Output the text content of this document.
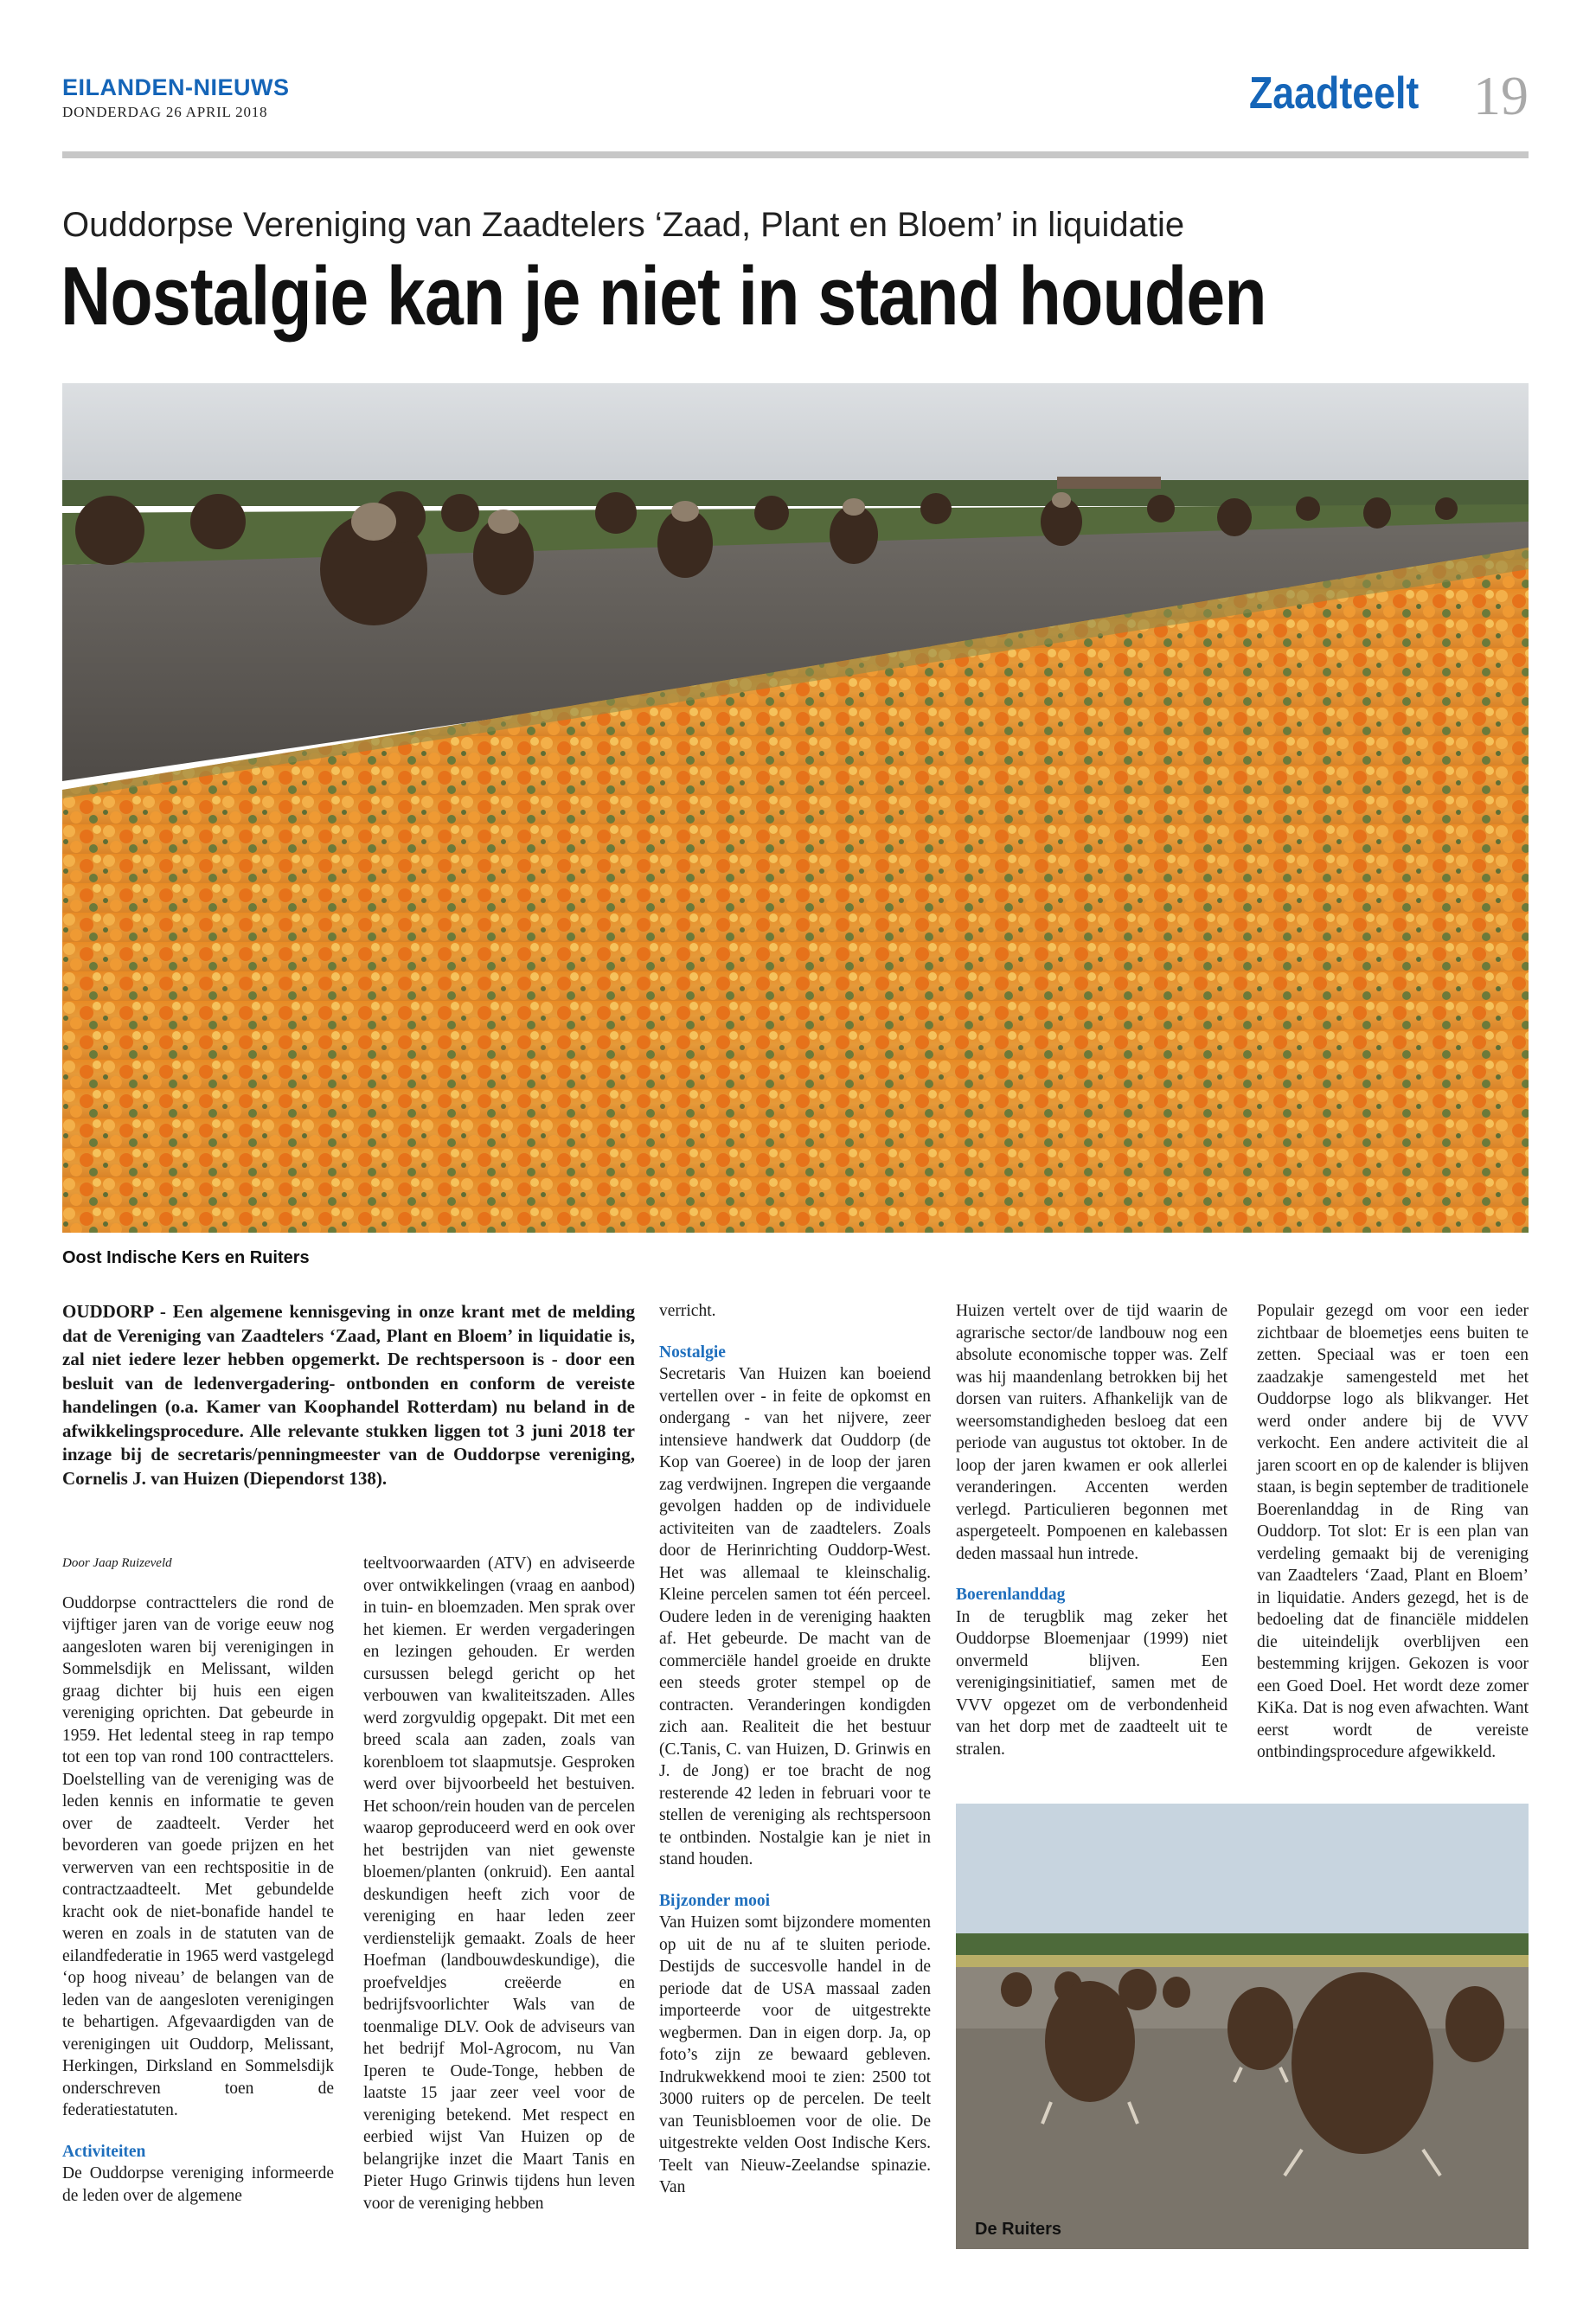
EILANDEN-NIEUWS
DONDERDAG 26 APRIL 2018	Zaadteelt 19
Ouddorpse Vereniging van Zaadtelers ‘Zaad, Plant en Bloem’ in liquidatie
Nostalgie kan je niet in stand houden
Oost Indische Kers en Ruiters

OUDDORP - Een algemene kennisgeving in onze krant met de melding dat de Vereniging van Zaadtelers ‘Zaad, Plant en Bloem’ in liquidatie is, zal niet iedere lezer hebben opgemerkt. De rechtspersoon is - door een besluit van de ledenvergadering- ontbonden en conform de vereiste handelingen (o.a. Kamer van Koophandel Rotterdam) nu beland in de afwikkelingsprocedure. Alle relevante stukken liggen tot 3 juni 2018 ter inzage bij de secretaris/penningmeester van de Ouddorpse vereniging, Cornelis J. van Huizen (Diependorst 138).

Door Jaap Ruizeveld

Ouddorpse contracttelers die rond de vijftiger jaren van de vorige eeuw nog aangesloten waren bij verenigingen in Sommelsdijk en Melissant, wilden graag dichter bij huis een eigen vereniging oprichten. Dat gebeurde in 1959. Het ledental steeg in rap tempo tot een top van rond 100 contracttelers. Doelstelling van de vereniging was de leden kennis en informatie te geven over de zaadteelt. Verder het bevorderen van goede prijzen en het verwerven van een rechtspositie in de contractzaadteelt. Met gebundelde kracht ook de niet-bonafide handel te weren en zoals in de statuten van de eilandfederatie in 1965 werd vastgelegd ‘op hoog niveau’ de belangen van de leden van de aangesloten verenigingen te behartigen. Afgevaardigden van de verenigingen uit Ouddorp, Melissant, Herkingen, Dirksland en Sommelsdijk onderschreven toen de federatiestatuten.

Activiteiten

De Ouddorpse vereniging informeerde de leden over de algemene

teeltvoorwaarden (ATV) en adviseerde over ontwikkelingen (vraag en aanbod) in tuin- en bloemzaden. Men sprak over het kiemen. Er werden vergaderingen en lezingen gehouden. Er werden cursussen belegd gericht op het verbouwen van kwaliteitszaden. Alles werd zorgvuldig opgepakt. Dit met een breed scala aan zaden, zoals van korenbloem tot slaapmutsje. Gesproken werd over bijvoorbeeld het bestuiven. Het schoon/rein houden van de percelen waarop geproduceerd werd en ook over het bestrijden van niet gewenste bloemen/planten (onkruid). Een aantal deskundigen heeft zich voor de vereniging en haar leden zeer verdienstelijk gemaakt. Zoals de heer Hoefman (landbouwdeskundige), die proefveldjes creëerde en bedrijfsvoorlichter Wals van de toenmalige DLV. Ook de adviseurs van het bedrijf Mol-Agrocom, nu Van Iperen te Oude-Tonge, hebben de laatste 15 jaar zeer veel voor de vereniging betekend. Met respect en eerbied wijst Van Huizen op de belangrijke inzet die Maart Tanis en Pieter Hugo Grinwis tijdens hun leven voor de vereniging hebben

verricht.

Nostalgie

Secretaris Van Huizen kan boeiend vertellen over - in feite de opkomst en ondergang - van het nijvere, zeer intensieve handwerk dat Ouddorp (de Kop van Goeree) in de loop der jaren zag verdwijnen. Ingrepen die vergaande gevolgen hadden op de individuele activiteiten van de zaadtelers. Zoals door de Herinrichting Ouddorp-West. Het was allemaal te kleinschalig. Kleine percelen samen tot één perceel. Oudere leden in de vereniging haakten af. Het gebeurde. De macht van de commerciële handel groeide en drukte een steeds groter stempel op de contracten. Veranderingen kondigden zich aan. Realiteit die het bestuur (C.Tanis, C. van Huizen, D. Grinwis en J. de Jong) er toe bracht de nog resterende 42 leden in februari voor te stellen de vereniging als rechtspersoon te ontbinden. Nostalgie kan je niet in stand houden.

Bijzonder mooi

Van Huizen somt bijzondere momenten op uit de nu af te sluiten periode. Destijds de succesvolle handel in de periode dat de USA massaal zaden importeerde voor de uitgestrekte wegbermen. Dan in eigen dorp. Ja, op foto’s zijn ze bewaard gebleven. Indrukwekkend mooi te zien: 2500 tot 3000 ruiters op de percelen. De teelt van Teunisbloemen voor de olie. De uitgestrekte velden Oost Indische Kers. Teelt van Nieuw-Zeelandse spinazie. Van

Huizen vertelt over de tijd waarin de agrarische sector/de landbouw nog een absolute economische topper was. Zelf was hij maandenlang betrokken bij het dorsen van ruiters. Afhankelijk van de weersomstandigheden besloeg dat een periode van augustus tot oktober. In de loop der jaren kwamen er ook allerlei veranderingen. Accenten werden verlegd. Particulieren begonnen met aspergeteelt. Pompoenen en kalebassen deden massaal hun intrede.

Boerenlanddag

In de terugblik mag zeker het Ouddorpse Bloemenjaar (1999) niet onvermeld blijven. Een verenigingsinitiatief, samen met de VVV opgezet om de verbondenheid van het dorp met de zaadteelt uit te stralen.

Populair gezegd om voor een ieder zichtbaar de bloemetjes eens buiten te zetten. Speciaal was er toen een zaadzakje samengesteld met het Ouddorpse logo als blikvanger. Het werd onder andere bij de VVV verkocht. Een andere activiteit die al jaren scoort en op de kalender is blijven staan, is begin september de traditionele Boerenlanddag in de Ring van Ouddorp. Tot slot: Er is een plan van verdeling gemaakt bij de vereniging van Zaadtelers ‘Zaad, Plant en Bloem’ in liquidatie. Anders gezegd, het is de bedoeling dat de financiële middelen die uiteindelijk overblijven een bestemming krijgen. Gekozen is voor een Goed Doel. Het wordt deze zomer KiKa. Dat is nog even afwachten. Want eerst wordt de vereiste ontbindingsprocedure afgewikkeld.

De Ruiters
